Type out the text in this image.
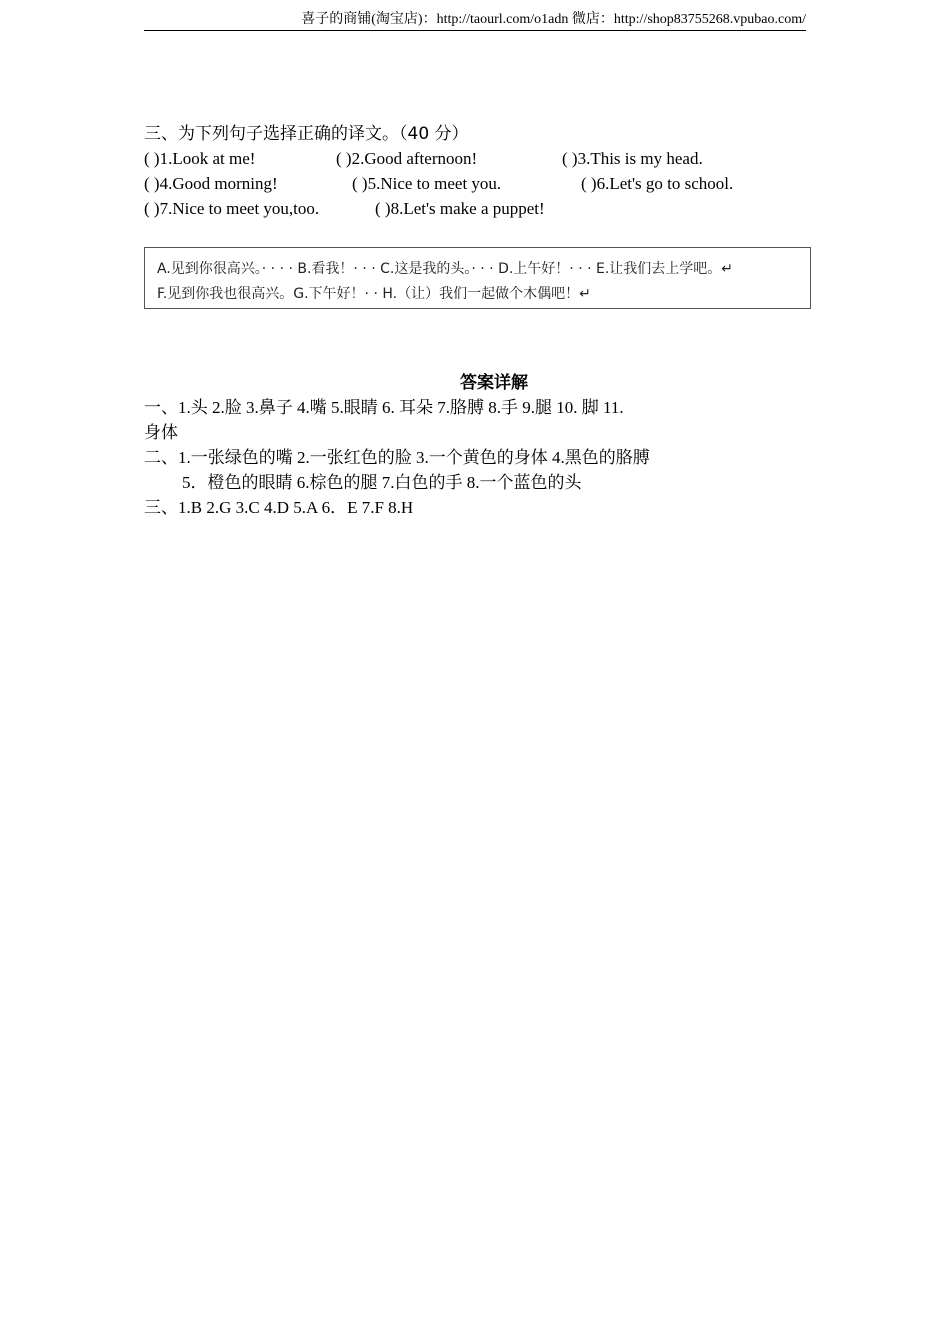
喜子的商铺(淘宝店)：http://taourl.com/o1adn 微店：http://shop83755268.vpubao.com/
三、为下列句子选择正确的译文。（40 分）
( )1.Look at me!	( )2.Good afternoon!	( )3.This is my head.
( )4.Good morning!	( )5.Nice to meet you.	( )6.Let's go to school.
( )7.Nice to meet you,too.	( )8.Let's make a puppet!
A.见到你很高兴。· · · · B.看我！· · · C.这是我的头。· · · D.上午好！· · · E.让我们去上学吧。↵
F.见到你我也很高兴。G.下午好！· · H.（让）我们一起做个木偶吧！↵
答案详解
一、1.头 2.脸 3.鼻子 4.嘴 5.眼睛 6. 耳朵 7.胳膊 8.手 9.腿 10. 脚 11.
身体
二、1.一张绿色的嘴 2.一张红色的脸 3.一个黄色的身体 4.黑色的胳膊
5．橙色的眼睛 6.棕色的腿 7.白色的手 8.一个蓝色的头
三、1.B 2.G 3.C 4.D 5.A 6．E 7.F 8.H
